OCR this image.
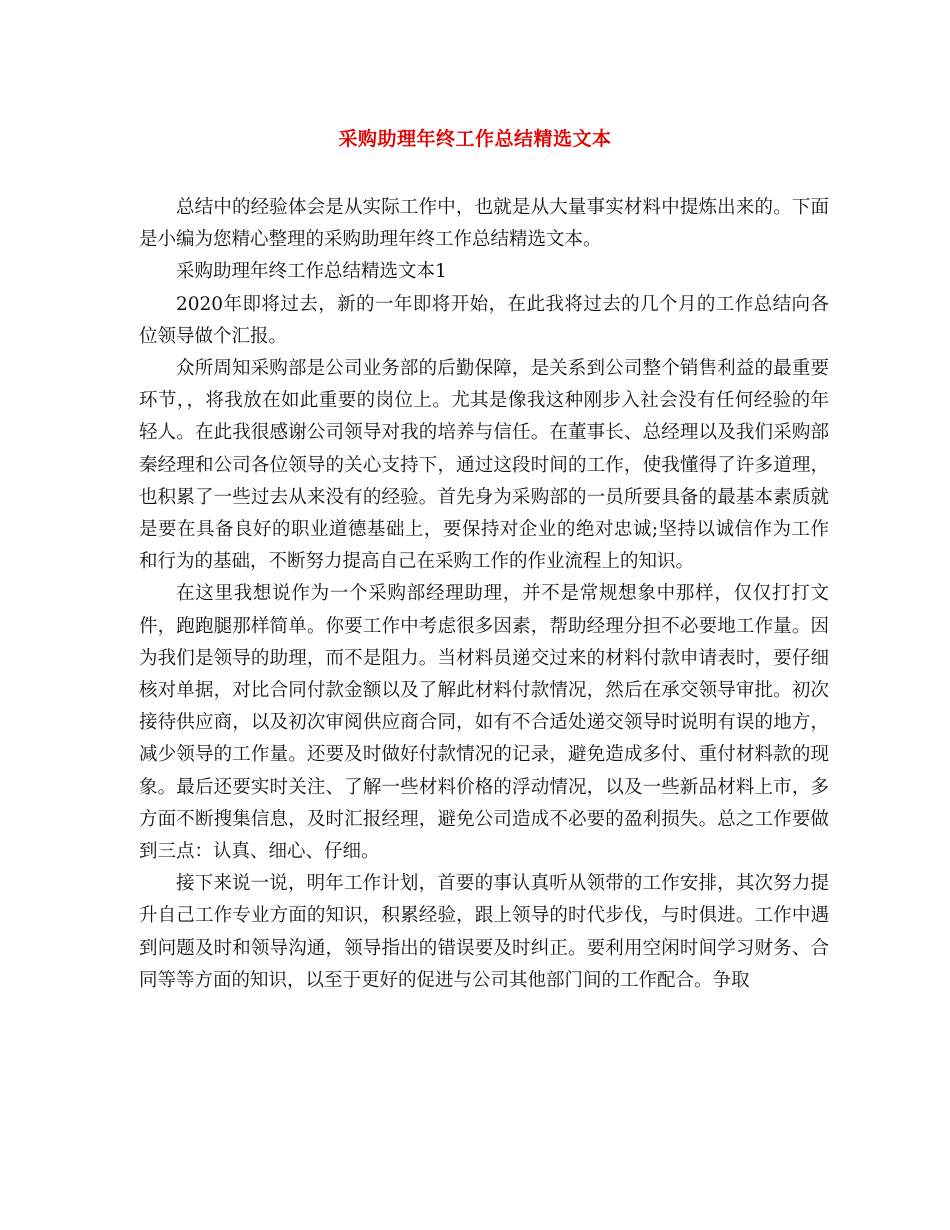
采购助理年终工作总结精选文本

总结中的经验体会是从实际工作中，也就是从大量事实材料中提炼出来的。下面是小编为您精心整理的采购助理年终工作总结精选文本。

采购助理年终工作总结精选文本1

2020年即将过去，新的一年即将开始，在此我将过去的几个月的工作总结向各位领导做个汇报。

众所周知采购部是公司业务部的后勤保障，是关系到公司整个销售利益的最重要环节，，将我放在如此重要的岗位上。尤其是像我这种刚步入社会没有任何经验的年轻人。在此我很感谢公司领导对我的培养与信任。在董事长、总经理以及我们采购部秦经理和公司各位领导的关心支持下，通过这段时间的工作，使我懂得了许多道理，也积累了一些过去从来没有的经验。首先身为采购部的一员所要具备的最基本素质就是要在具备良好的职业道德基础上，要保持对企业的绝对忠诚;坚持以诚信作为工作和行为的基础，不断努力提高自己在采购工作的作业流程上的知识。

在这里我想说作为一个采购部经理助理，并不是常规想象中那样，仅仅打打文件，跑跑腿那样简单。你要工作中考虑很多因素，帮助经理分担不必要地工作量。因为我们是领导的助理，而不是阻力。当材料员递交过来的材料付款申请表时，要仔细核对单据，对比合同付款金额以及了解此材料付款情况，然后在承交领导审批。初次接待供应商，以及初次审阅供应商合同，如有不合适处递交领导时说明有误的地方，减少领导的工作量。还要及时做好付款情况的记录，避免造成多付、重付材料款的现象。最后还要实时关注、了解一些材料价格的浮动情况，以及一些新品材料上市，多方面不断搜集信息，及时汇报经理，避免公司造成不必要的盈利损失。总之工作要做到三点：认真、细心、仔细。

接下来说一说，明年工作计划，首要的事认真听从领带的工作安排，其次努力提升自己工作专业方面的知识，积累经验，跟上领导的时代步伐，与时俱进。工作中遇到问题及时和领导沟通，领导指出的错误要及时纠正。要利用空闲时间学习财务、合同等等方面的知识，以至于更好的促进与公司其他部门间的工作配合。争取
